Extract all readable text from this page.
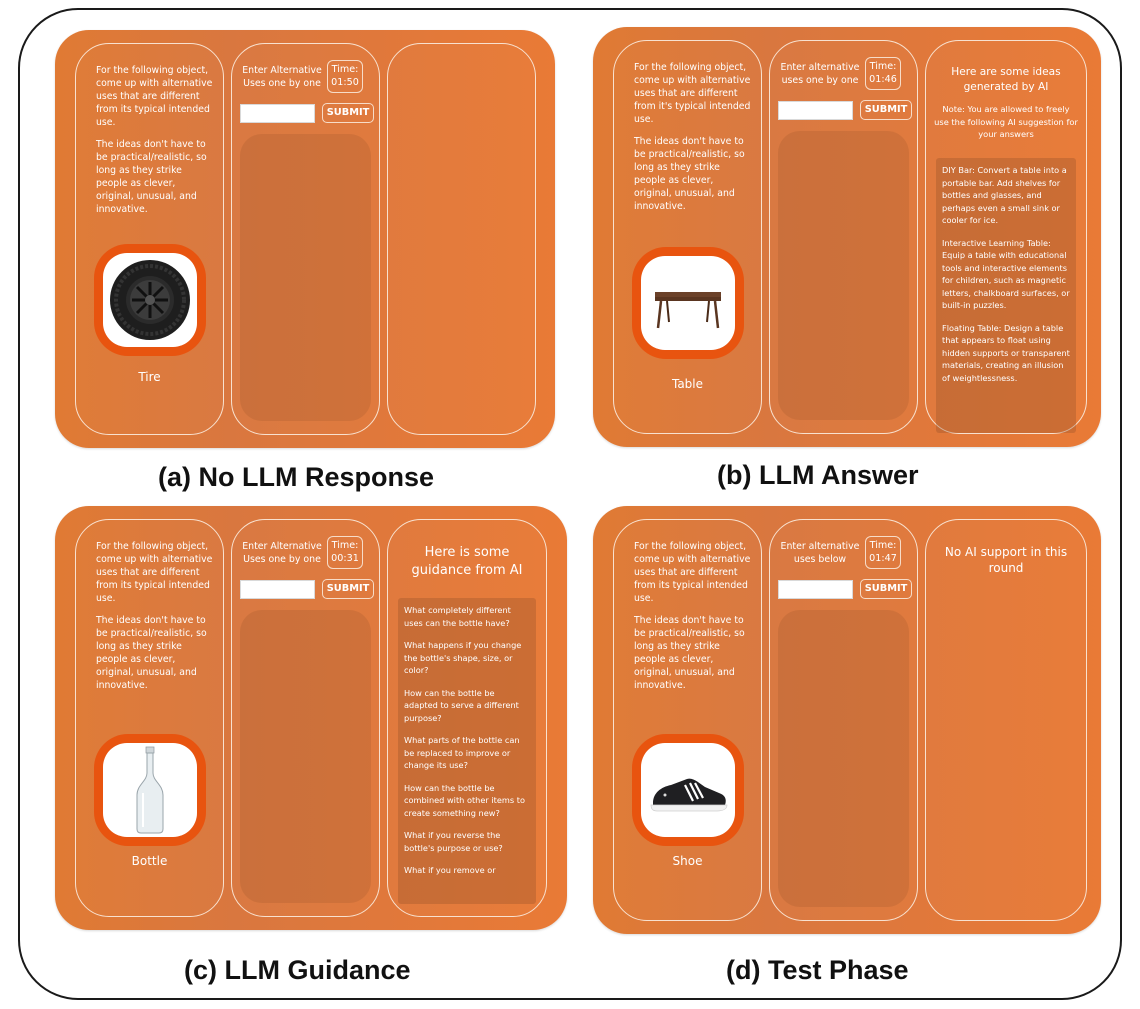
For the following object, come up with alternative uses that are different from its typical intended use.

The ideas don't have to be practical/realistic, so long as they strike people as clever, original, unusual, and innovative.

Tire
Enter Alternative Uses one by one
Time:
01:50
SUBMIT
(a) No LLM Response

For the following object, come up with alternative uses that are different from it's typical intended use.

The ideas don't have to be practical/realistic, so long as they strike people as clever, original, unusual, and innovative.

Table
Enter alternative uses one by one
Time:
01:46
SUBMIT
Here are some ideas generated by AI
Note: You are allowed to freely use the following AI suggestion for your answers

DIY Bar: Convert a table into a portable bar. Add shelves for bottles and glasses, and perhaps even a small sink or cooler for ice.

Interactive Learning Table: Equip a table with educational tools and interactive elements for children, such as magnetic letters, chalkboard surfaces, or built-in puzzles.

Floating Table: Design a table that appears to float using hidden supports or transparent materials, creating an illusion of weightlessness.

(b) LLM Answer

For the following object, come up with alternative uses that are different from its typical intended use.

The ideas don't have to be practical/realistic, so long as they strike people as clever, original, unusual, and innovative.

Bottle
Enter Alternative Uses one by one
Time:
00:31
SUBMIT
Here is some guidance from AI

What completely different uses can the bottle have?

What happens if you change the bottle's shape, size, or color?

How can the bottle be adapted to serve a different purpose?

What parts of the bottle can be replaced to improve or change its use?

How can the bottle be combined with other items to create something new?

What if you reverse the bottle's purpose or use?

What if you remove or

(c) LLM Guidance

For the following object, come up with alternative uses that are different from its typical intended use.

The ideas don't have to be practical/realistic, so long as they strike people as clever, original, unusual, and innovative.

Shoe
Enter alternative uses below
Time:
01:47
SUBMIT
No AI support in this round
(d) Test Phase
